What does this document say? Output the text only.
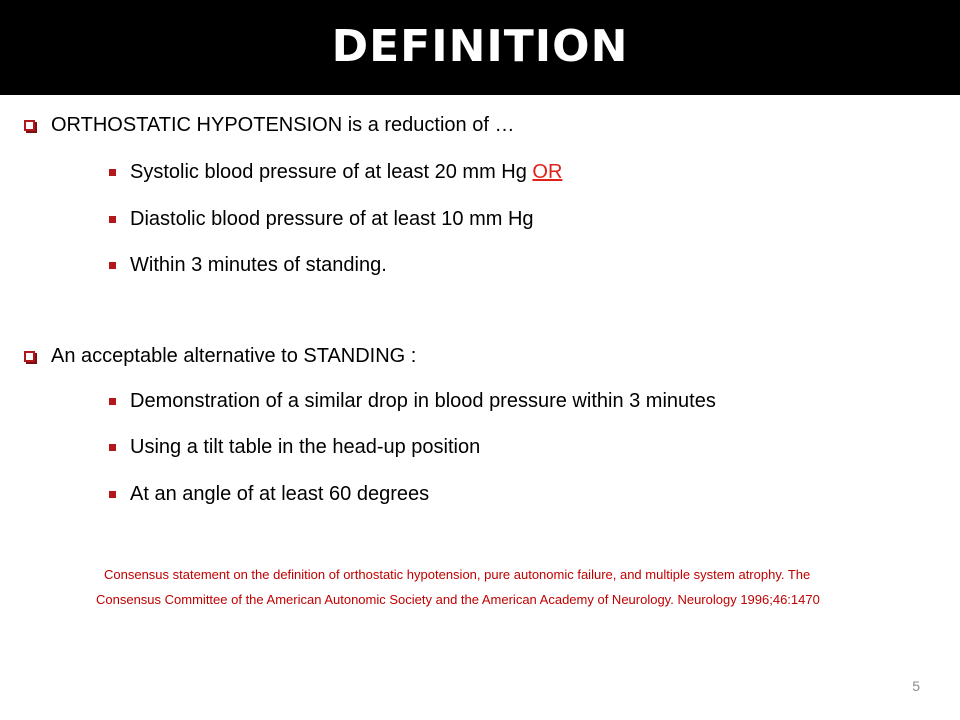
DEFINITION
ORTHOSTATIC HYPOTENSION is a reduction of …
Systolic blood pressure of at least 20 mm Hg OR
Diastolic blood pressure of at least 10 mm Hg
Within 3 minutes of standing.
An acceptable alternative to STANDING :
Demonstration of a similar drop in blood pressure within 3 minutes
Using a tilt table in the head-up position
At an angle of at least 60 degrees
Consensus statement on the definition of orthostatic hypotension, pure autonomic failure, and multiple system atrophy. The
Consensus Committee of the American Autonomic Society and the American Academy of Neurology. Neurology 1996;46:1470
5
